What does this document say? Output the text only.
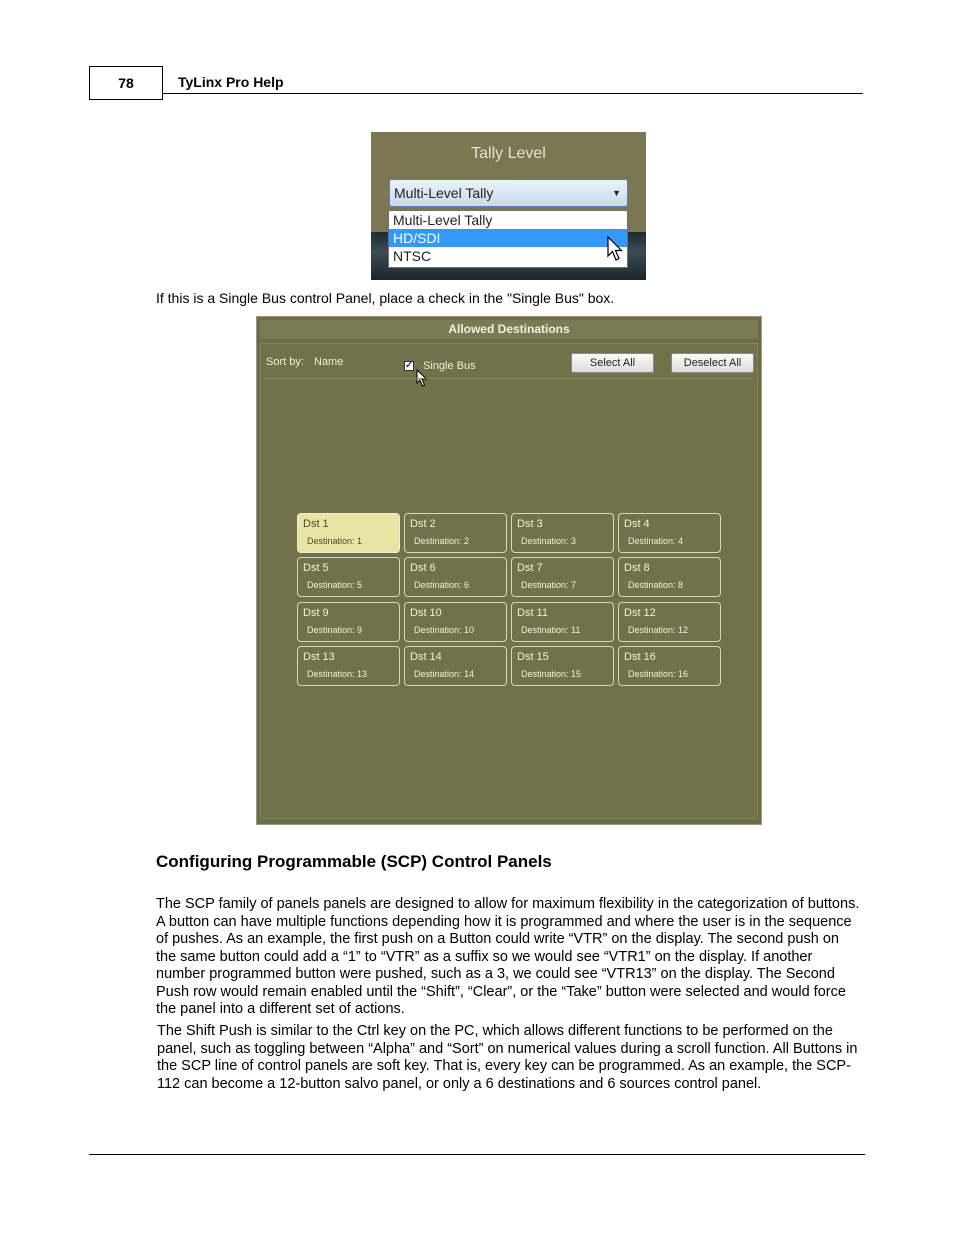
78	TyLinx Pro Help
Tally Level
Multi-Level Tally	▼
Multi-Level Tally
HD/SDI
NTSC
If this is a Single Bus control Panel, place a check in the "Single Bus" box.
Allowed Destinations
Sort by: Name	✓ Single Bus	Select All	Deselect All
Dst 1
Destination: 1
Dst 2
Destination: 2
Dst 3
Destination: 3
Dst 4
Destination: 4
Dst 5
Destination: 5
Dst 6
Destination: 6
Dst 7
Destination: 7
Dst 8
Destination: 8
Dst 9
Destination: 9
Dst 10
Destination: 10
Dst 11
Destination: 11
Dst 12
Destination: 12
Dst 13
Destination: 13
Dst 14
Destination: 14
Dst 15
Destination: 15
Dst 16
Destination: 16
Configuring Programmable (SCP) Control Panels
The SCP family of panels panels are designed to allow for maximum flexibility in the categorization of buttons. A button can have multiple functions depending how it is programmed and where the user is in the sequence of pushes. As an example, the first push on a Button could write “VTR” on the display. The second push on the same button could add a “1” to “VTR” as a suffix so we would see “VTR1” on the display. If another number programmed button were pushed, such as a 3, we could see “VTR13” on the display. The Second Push row would remain enabled until the “Shift”, “Clear”, or the “Take” button were selected and would force the panel into a different set of actions.
The Shift Push is similar to the Ctrl key on the PC, which allows different functions to be performed on the panel, such as toggling between “Alpha” and “Sort” on numerical values during a scroll function. All Buttons in the SCP line of control panels are soft key. That is, every key can be programmed. As an example, the SCP-112 can become a 12-button salvo panel, or only a 6 destinations and 6 sources control panel.
